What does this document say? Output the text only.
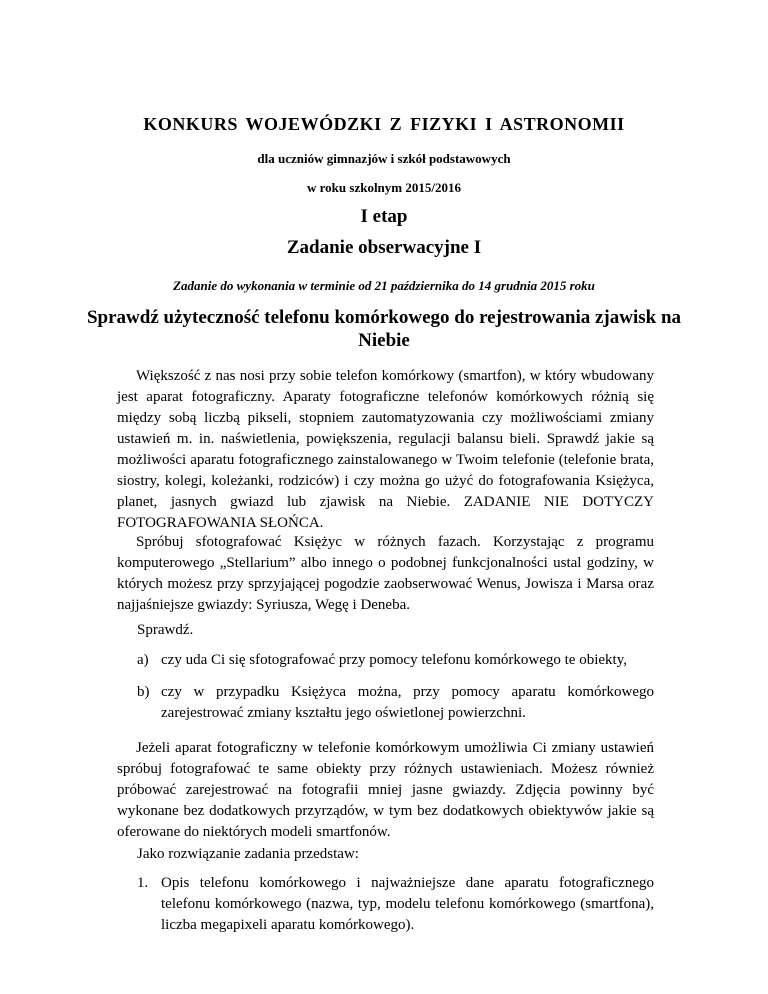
KONKURS WOJEWÓDZKI Z FIZYKI I ASTRONOMII
dla uczniów gimnazjów i szkół podstawowych
w roku szkolnym 2015/2016
I etap
Zadanie obserwacyjne I
Zadanie do wykonania w terminie od 21 października do 14 grudnia 2015 roku
Sprawdź użyteczność telefonu komórkowego do rejestrowania zjawisk na Niebie

Większość z nas nosi przy sobie telefon komórkowy (smartfon), w który wbudowany jest aparat fotograficzny. Aparaty fotograficzne telefonów komórkowych różnią się między sobą liczbą pikseli, stopniem zautomatyzowania czy możliwościami zmiany ustawień m. in. naświetlenia, powiększenia, regulacji balansu bieli. Sprawdź jakie są możliwości aparatu fotograficznego zainstalowanego w Twoim telefonie (telefonie brata, siostry, kolegi, koleżanki, rodziców) i czy można go użyć do fotografowania Księżyca, planet, jasnych gwiazd lub zjawisk na Niebie. ZADANIE NIE DOTYCZY FOTOGRAFOWANIA SŁOŃCA.

Spróbuj sfotografować Księżyc w różnych fazach. Korzystając z programu komputerowego „Stellarium” albo innego o podobnej funkcjonalności ustal godziny, w których możesz przy sprzyjającej pogodzie zaobserwować Wenus, Jowisza i Marsa oraz najjaśniejsze gwiazdy: Syriusza, Wegę i Deneba.

Sprawdź.

a) czy uda Ci się sfotografować przy pomocy telefonu komórkowego te obiekty,
b) czy w przypadku Księżyca można, przy pomocy aparatu komórkowego zarejestrować zmiany kształtu jego oświetlonej powierzchni.

Jeżeli aparat fotograficzny w telefonie komórkowym umożliwia Ci zmiany ustawień spróbuj fotografować te same obiekty przy różnych ustawieniach. Możesz również próbować zarejestrować na fotografii mniej jasne gwiazdy. Zdjęcia powinny być wykonane bez dodatkowych przyrządów, w tym bez dodatkowych obiektywów jakie są oferowane do niektórych modeli smartfonów.

Jako rozwiązanie zadania przedstaw:

1. Opis telefonu komórkowego i najważniejsze dane aparatu fotograficznego telefonu komórkowego (nazwa, typ, modelu telefonu komórkowego (smartfona), liczba megapixeli aparatu komórkowego).
